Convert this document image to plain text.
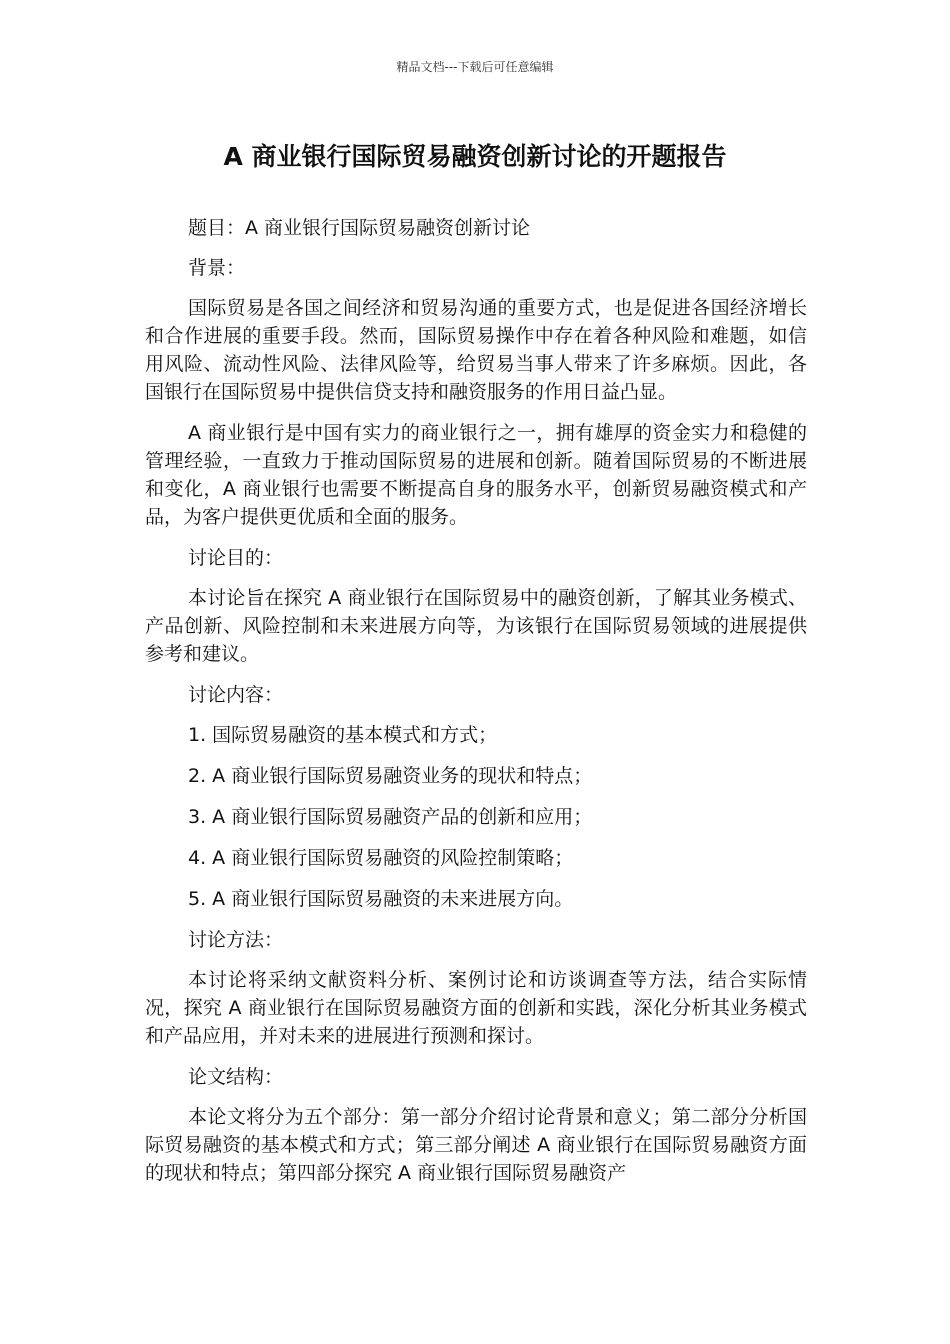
精品文档---下载后可任意编辑
A 商业银行国际贸易融资创新讨论的开题报告

题目：A 商业银行国际贸易融资创新讨论

背景：

国际贸易是各国之间经济和贸易沟通的重要方式，也是促进各国经济增长和合作进展的重要手段。然而，国际贸易操作中存在着各种风险和难题，如信用风险、流动性风险、法律风险等，给贸易当事人带来了许多麻烦。因此，各国银行在国际贸易中提供信贷支持和融资服务的作用日益凸显。

A 商业银行是中国有实力的商业银行之一，拥有雄厚的资金实力和稳健的管理经验，一直致力于推动国际贸易的进展和创新。随着国际贸易的不断进展和变化，A 商业银行也需要不断提高自身的服务水平，创新贸易融资模式和产品，为客户提供更优质和全面的服务。

讨论目的：

本讨论旨在探究 A 商业银行在国际贸易中的融资创新，了解其业务模式、产品创新、风险控制和未来进展方向等，为该银行在国际贸易领域的进展提供参考和建议。

讨论内容：

1. 国际贸易融资的基本模式和方式；
2. A 商业银行国际贸易融资业务的现状和特点；
3. A 商业银行国际贸易融资产品的创新和应用；
4. A 商业银行国际贸易融资的风险控制策略；
5. A 商业银行国际贸易融资的未来进展方向。

讨论方法：

本讨论将采纳文献资料分析、案例讨论和访谈调查等方法，结合实际情况，探究 A 商业银行在国际贸易融资方面的创新和实践，深化分析其业务模式和产品应用，并对未来的进展进行预测和探讨。

论文结构：

本论文将分为五个部分：第一部分介绍讨论背景和意义；第二部分分析国际贸易融资的基本模式和方式；第三部分阐述 A 商业银行在国际贸易融资方面的现状和特点；第四部分探究 A 商业银行国际贸易融资产
